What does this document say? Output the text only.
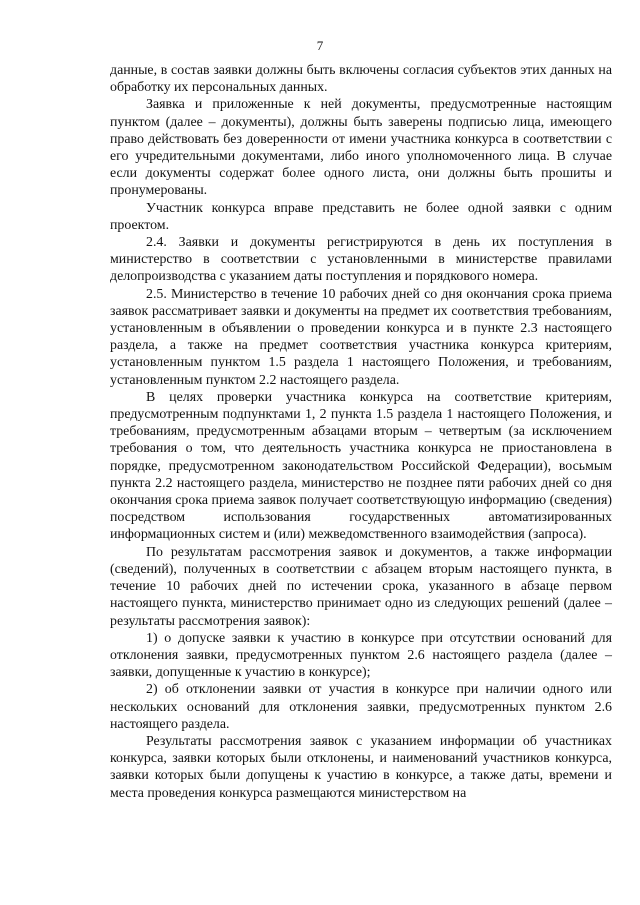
7

данные, в состав заявки должны быть включены согласия субъектов этих данных на обработку их персональных данных.

Заявка и приложенные к ней документы, предусмотренные настоящим пунктом (далее – документы), должны быть заверены подписью лица, имеющего право действовать без доверенности от имени участника конкурса в соответствии с его учредительными документами, либо иного уполномоченного лица. В случае если документы содержат более одного листа, они должны быть прошиты и пронумерованы.

Участник конкурса вправе представить не более одной заявки с одним проектом.

2.4. Заявки и документы регистрируются в день их поступления в министерство в соответствии с установленными в министерстве правилами делопроизводства с указанием даты поступления и порядкового номера.

2.5. Министерство в течение 10 рабочих дней со дня окончания срока приема заявок рассматривает заявки и документы на предмет их соответствия требованиям, установленным в объявлении о проведении конкурса и в пункте 2.3 настоящего раздела, а также на предмет соответствия участника конкурса критериям, установленным пунктом 1.5 раздела 1 настоящего Положения, и требованиям, установленным пунктом 2.2 настоящего раздела.

В целях проверки участника конкурса на соответствие критериям, предусмотренным подпунктами 1, 2 пункта 1.5 раздела 1 настоящего Положения, и требованиям, предусмотренным абзацами вторым – четвертым (за исключением требования о том, что деятельность участника конкурса не приостановлена в порядке, предусмотренном законодательством Российской Федерации), восьмым пункта 2.2 настоящего раздела, министерство не позднее пяти рабочих дней со дня окончания срока приема заявок получает соответствующую информацию (сведения) посредством использования государственных автоматизированных информационных систем и (или) межведомственного взаимодействия (запроса).

По результатам рассмотрения заявок и документов, а также информации (сведений), полученных в соответствии с абзацем вторым настоящего пункта, в течение 10 рабочих дней по истечении срока, указанного в абзаце первом настоящего пункта, министерство принимает одно из следующих решений (далее – результаты рассмотрения заявок):

1) о допуске заявки к участию в конкурсе при отсутствии оснований для отклонения заявки, предусмотренных пунктом 2.6 настоящего раздела (далее – заявки, допущенные к участию в конкурсе);

2) об отклонении заявки от участия в конкурсе при наличии одного или нескольких оснований для отклонения заявки, предусмотренных пунктом 2.6 настоящего раздела.

Результаты рассмотрения заявок с указанием информации об участниках конкурса, заявки которых были отклонены, и наименований участников конкурса, заявки которых были допущены к участию в конкурсе, а также даты, времени и места проведения конкурса размещаются министерством на
